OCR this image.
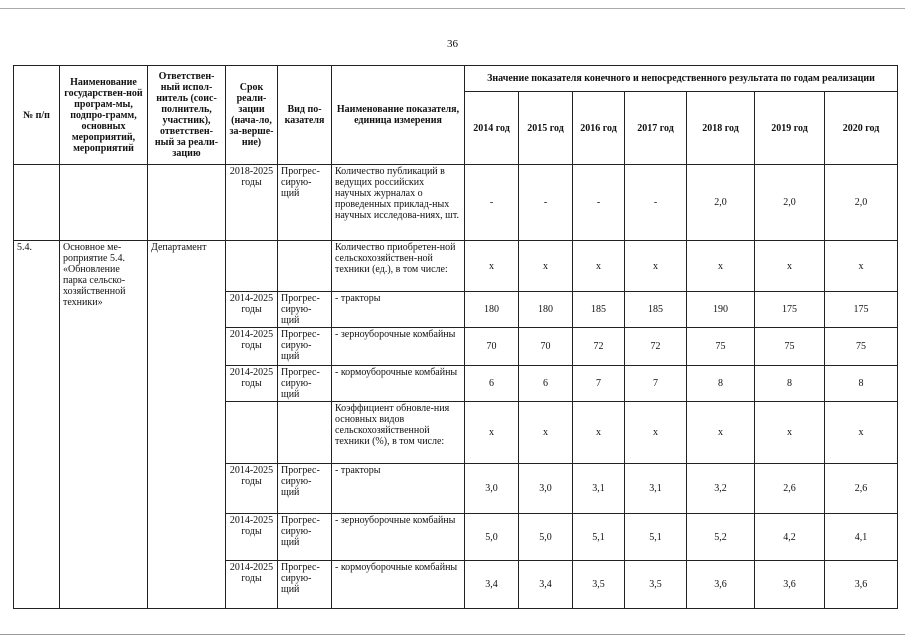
36
№ п/п	Наименование государствен-ной програм-мы, подпро-грамм, основных мероприятий, мероприятий	Ответствен-ный испол-нитель (соис-полнитель, участник), ответствен-ный за реали-зацию	Срок реали-зации (нача-ло, за-верше-ние)	Вид по-казателя	Наименование показателя, единица измерения	Значение показателя конечного и непосредственного результата по годам реализации						
						2014 год	2015 год	2016 год	2017 год	2018 год	2019 год	2020 год
			2018-2025 годы	Прогрес-сирую-щий	Количество публикаций в ведущих российских научных журналах о проведенных приклад-ных научных исследова-ниях, шт.	-	-	-	-	2,0	2,0	2,0
5.4.	Основное ме-роприятие 5.4. «Обновление парка сельско-хозяйственной техники»	Департамент			Количество приобретен-ной сельскохозяйствен-ной техники (ед.), в том числе:	х	х	х	х	х	х	х
			2014-2025 годы	Прогрес-сирую-щий	- тракторы	180	180	185	185	190	175	175
			2014-2025 годы	Прогрес-сирую-щий	- зерноуборочные комбайны	70	70	72	72	75	75	75
			2014-2025 годы	Прогрес-сирую-щий	- кормоуборочные комбайны	6	6	7	7	8	8	8
					Коэффициент обновле-ния основных видов сельскохозяйственной техники (%), в том числе:	х	х	х	х	х	х	х
			2014-2025 годы	Прогрес-сирую-щий	- тракторы	3,0	3,0	3,1	3,1	3,2	2,6	2,6
			2014-2025 годы	Прогрес-сирую-щий	- зерноуборочные комбайны	5,0	5,0	5,1	5,1	5,2	4,2	4,1
			2014-2025 годы	Прогрес-сирую-щий	- кормоуборочные комбайны	3,4	3,4	3,5	3,5	3,6	3,6	3,6
